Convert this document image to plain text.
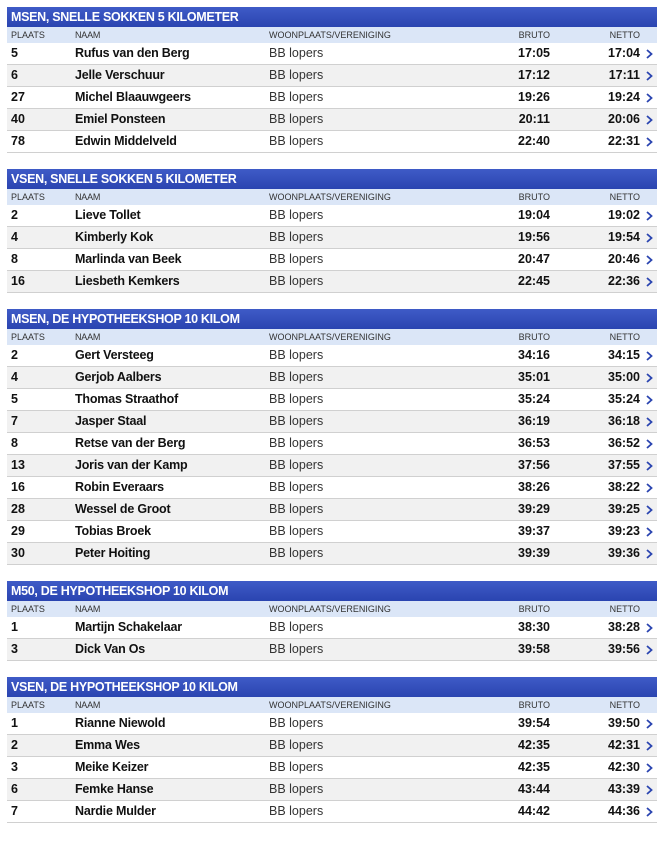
MSEN, SNELLE SOKKEN 5 KILOMETER
PLAATS	NAAM	WOONPLAATS/VERENIGING	BRUTO	NETTO
5	Rufus van den Berg	BB lopers	17:05	17:04
6	Jelle Verschuur	BB lopers	17:12	17:11
27	Michel Blaauwgeers	BB lopers	19:26	19:24
40	Emiel Ponsteen	BB lopers	20:11	20:06
78	Edwin Middelveld	BB lopers	22:40	22:31
VSEN, SNELLE SOKKEN 5 KILOMETER
PLAATS	NAAM	WOONPLAATS/VERENIGING	BRUTO	NETTO
2	Lieve Tollet	BB lopers	19:04	19:02
4	Kimberly Kok	BB lopers	19:56	19:54
8	Marlinda van Beek	BB lopers	20:47	20:46
16	Liesbeth Kemkers	BB lopers	22:45	22:36
MSEN, DE HYPOTHEEKSHOP 10 KILOM
PLAATS	NAAM	WOONPLAATS/VERENIGING	BRUTO	NETTO
2	Gert Versteeg	BB lopers	34:16	34:15
4	Gerjob Aalbers	BB lopers	35:01	35:00
5	Thomas Straathof	BB lopers	35:24	35:24
7	Jasper Staal	BB lopers	36:19	36:18
8	Retse van der Berg	BB lopers	36:53	36:52
13	Joris van der Kamp	BB lopers	37:56	37:55
16	Robin Everaars	BB lopers	38:26	38:22
28	Wessel de Groot	BB lopers	39:29	39:25
29	Tobias Broek	BB lopers	39:37	39:23
30	Peter Hoiting	BB lopers	39:39	39:36
M50, DE HYPOTHEEKSHOP 10 KILOM
PLAATS	NAAM	WOONPLAATS/VERENIGING	BRUTO	NETTO
1	Martijn Schakelaar	BB lopers	38:30	38:28
3	Dick Van Os	BB lopers	39:58	39:56
VSEN, DE HYPOTHEEKSHOP 10 KILOM
PLAATS	NAAM	WOONPLAATS/VERENIGING	BRUTO	NETTO
1	Rianne Niewold	BB lopers	39:54	39:50
2	Emma Wes	BB lopers	42:35	42:31
3	Meike Keizer	BB lopers	42:35	42:30
6	Femke Hanse	BB lopers	43:44	43:39
7	Nardie Mulder	BB lopers	44:42	44:36
